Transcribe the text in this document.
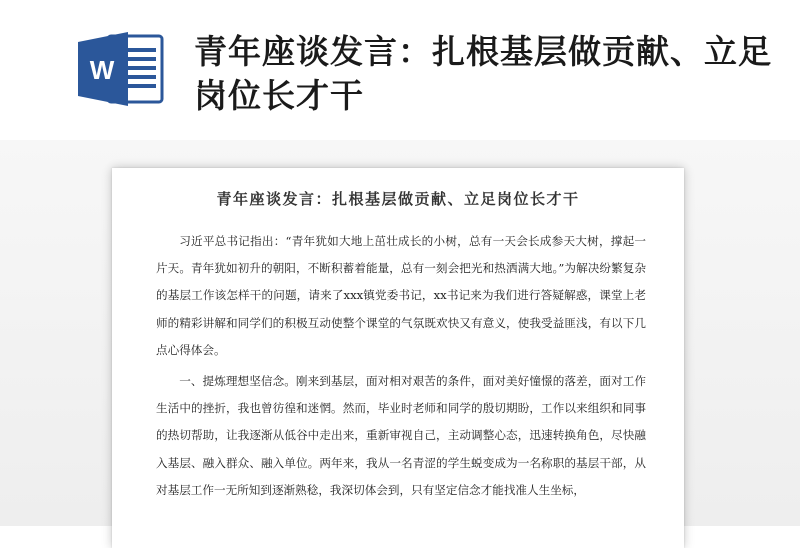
W 青年座谈发言：扎根基层做贡献、立足岗位长才干
青年座谈发言：扎根基层做贡献、立足岗位长才干

习近平总书记指出：“青年犹如大地上茁壮成长的小树，总有一天会长成参天大树，撑起一片天。青年犹如初升的朝阳，不断积蓄着能量，总有一刻会把光和热洒满大地。”为解决纷繁复杂的基层工作该怎样干的问题，请来了xxx镇党委书记，xx书记来为我们进行答疑解惑，课堂上老师的精彩讲解和同学们的积极互动使整个课堂的气氛既欢快又有意义，使我受益匪浅，有以下几点心得体会。

一、提炼理想坚信念。刚来到基层，面对相对艰苦的条件，面对美好憧憬的落差，面对工作生活中的挫折，我也曾彷徨和迷惘。然而，毕业时老师和同学的殷切期盼，工作以来组织和同事的热切帮助，让我逐渐从低谷中走出来，重新审视自己，主动调整心态，迅速转换角色，尽快融入基层、融入群众、融入单位。两年来，我从一名青涩的学生蜕变成为一名称职的基层干部，从对基层工作一无所知到逐渐熟稔，我深切体会到，只有坚定信念才能找准人生坐标，
